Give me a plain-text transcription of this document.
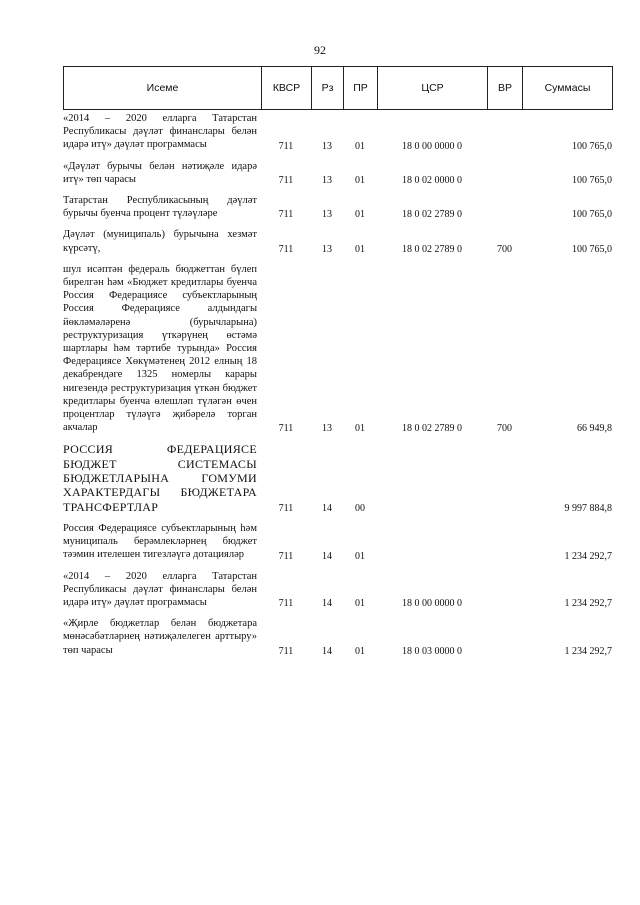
92
Исеме	КВСР	Рз	ПР	ЦСР	ВР	Суммасы
«2014 – 2020 елларга Татарстан Республикасы дәүләт финанслары белән идарә итү» дәүләт программасы	711	13	01	18 0 00 0000 0		100 765,0
«Дәүләт бурычы белән нәтиҗәле идарә итү» төп чарасы	711	13	01	18 0 02 0000 0		100 765,0
Татарстан Республикасының дәүләт бурычы буенча процент түләүләре	711	13	01	18 0 02 2789 0		100 765,0
Дәүләт (муниципаль) бурычына хезмәт күрсәтү,	711	13	01	18 0 02 2789 0	700	100 765,0
шул исәптән федераль бюджеттан бүлеп бирелгән һәм «Бюджет кредитлары буенча Россия Федерациясе субъектларының Россия Федерациясе алдындагы йөкләмәләренә (бурычларына) реструктуризация үткәрүнең өстәмә шартлары һәм тәртибе турында» Россия Федерациясе Хөкүмәтенең 2012 елның 18 декабрендәге 1325 номерлы карары нигезендә реструктуризация үткән бюджет кредитлары буенча өлешләп түләгән өчен процентлар түләүгә җибәрелә торган акчалар	711	13	01	18 0 02 2789 0	700	66 949,8
РОССИЯ ФЕДЕРАЦИЯСЕ БЮДЖЕТ СИСТЕМАСЫ БЮДЖЕТЛАРЫНА ГОМУМИ ХАРАКТЕРДАГЫ БЮДЖЕТАРА ТРАНСФЕРТЛАР	711	14	00			9 997 884,8
Россия Федерациясе субъектларының һәм муниципаль берәмлекләрнең бюджет тәэмин ителешен тигезләүгә дотацияләр	711	14	01			1 234 292,7
«2014 – 2020 елларга Татарстан Республикасы дәүләт финанслары белән идарә итү» дәүләт программасы	711	14	01	18 0 00 0000 0		1 234 292,7
«Җирле бюджетлар белән бюджетара мөнәсәбәтләрнең нәтиҗәлелеген арттыру» төп чарасы	711	14	01	18 0 03 0000 0		1 234 292,7
